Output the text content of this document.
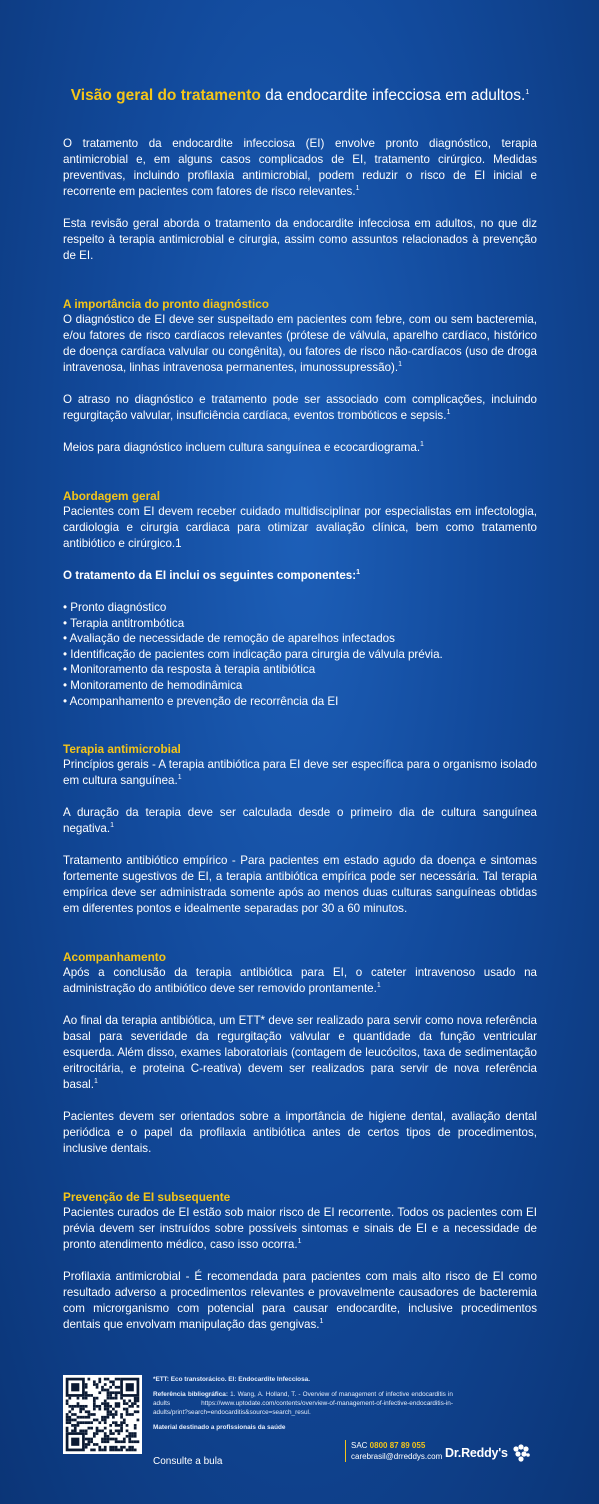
Visão geral do tratamento da endocardite infecciosa em adultos.$^1$

O tratamento da endocardite infecciosa (EI) envolve pronto diagnóstico, terapia antimicrobial e, em alguns casos complicados de EI, tratamento cirúrgico. Medidas preventivas, incluindo profilaxia antimicrobial, podem reduzir o risco de EI inicial e recorrente em pacientes com fatores de risco relevantes.$^1$

Esta revisão geral aborda o tratamento da endocardite infecciosa em adultos, no que diz respeito à terapia antimicrobial e cirurgia, assim como assuntos relacionados à prevenção de EI.

A importância do pronto diagnóstico

O diagnóstico de EI deve ser suspeitado em pacientes com febre, com ou sem bacteremia, e/ou fatores de risco cardíacos relevantes (prótese de válvula, aparelho cardíaco, histórico de doença cardíaca valvular ou congênita), ou fatores de risco não-cardíacos (uso de droga intravenosa, linhas intravenosa permanentes, imunossupressão).$^1$

O atraso no diagnóstico e tratamento pode ser associado com complicações, incluindo regurgitação valvular, insuficiência cardíaca, eventos trombóticos e sepsis.$^1$

Meios para diagnóstico incluem cultura sanguínea e ecocardiograma.$^1$

Abordagem geral

Pacientes com EI devem receber cuidado multidisciplinar por especialistas em infectologia, cardiologia e cirurgia cardiaca para otimizar avaliação clínica, bem como tratamento antibiótico e cirúrgico.1

O tratamento da EI inclui os seguintes componentes:$^1$

• Pronto diagnóstico
• Terapia antitrombótica
• Avaliação de necessidade de remoção de aparelhos infectados
• Identificação de pacientes com indicação para cirurgia de válvula prévia.
• Monitoramento da resposta à terapia antibiótica
• Monitoramento de hemodinâmica
• Acompanhamento e prevenção de recorrência da EI
Terapia antimicrobial

Princípios gerais - A terapia antibiótica para EI deve ser específica para o organismo isolado em cultura sanguínea.$^1$

A duração da terapia deve ser calculada desde o primeiro dia de cultura sanguínea negativa.$^1$

Tratamento antibiótico empírico - Para pacientes em estado agudo da doença e sintomas fortemente sugestivos de EI, a terapia antibiótica empírica pode ser necessária. Tal terapia empírica deve ser administrada somente após ao menos duas culturas sanguíneas obtidas em diferentes pontos e idealmente separadas por 30 a 60 minutos.

Acompanhamento

Após a conclusão da terapia antibiótica para EI, o cateter intravenoso usado na administração do antibiótico deve ser removido prontamente.$^1$

Ao final da terapia antibiótica, um ETT* deve ser realizado para servir como nova referência basal para severidade da regurgitação valvular e quantidade da função ventricular esquerda. Além disso, exames laboratoriais (contagem de leucócitos, taxa de sedimentação eritrocitária, e proteina C-reativa) devem ser realizados para servir de nova referência basal.$^1$

Pacientes devem ser orientados sobre a importância de higiene dental, avaliação dental periódica e o papel da profilaxia antibiótica antes de certos tipos de procedimentos, inclusive dentais.

Prevenção de EI subsequente

Pacientes curados de EI estão sob maior risco de EI recorrente. Todos os pacientes com EI prévia devem ser instruídos sobre possíveis sintomas e sinais de EI e a necessidade de pronto atendimento médico, caso isso ocorra.$^1$

Profilaxia antimicrobial - É recomendada para pacientes com mais alto risco de EI como resultado adverso a procedimentos relevantes e provavelmente causadores de bacteremia com microrganismo com potencial para causar endocardite, inclusive procedimentos dentais que envolvam manipulação das gengivas.$^1$

*ETT: Eco transtorácico. EI: Endocardite Infecciosa.
Referência bibliográfica: 1. Wang, A. Holland, T. - Overview of management of infective endocarditis in adults https://www.uptodate.com/contents/overview-of-management-of-infective-endocarditis-in-adults/print?search=endocarditis&source=search_resul.
Material destinado a profissionais da saúde
Consulte a bula
SAC 0800 87 89 055
carebrasil@drreddys.com Dr.Reddy's
